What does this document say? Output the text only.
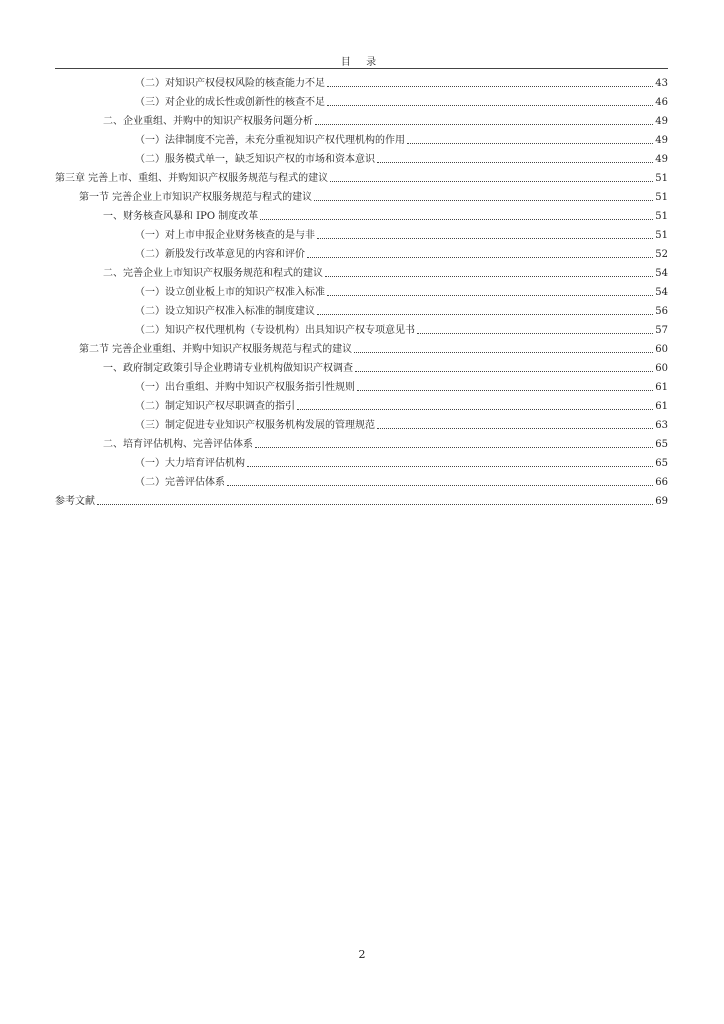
目 录
（二）对知识产权侵权风险的核查能力不足	43
（三）对企业的成长性或创新性的核查不足	46
二、企业重组、并购中的知识产权服务问题分析	49
（一）法律制度不完善，未充分重视知识产权代理机构的作用	49
（二）服务模式单一，缺乏知识产权的市场和资本意识	49
第三章 完善上市、重组、并购知识产权服务规范与程式的建议	51
第一节 完善企业上市知识产权服务规范与程式的建议	51
一、财务核查风暴和 IPO 制度改革	51
（一）对上市申报企业财务核查的是与非	51
（二）新股发行改革意见的内容和评价	52
二、完善企业上市知识产权服务规范和程式的建议	54
（一）设立创业板上市的知识产权准入标准	54
（二）设立知识产权准入标准的制度建议	56
（二）知识产权代理机构（专设机构）出具知识产权专项意见书	57
第二节 完善企业重组、并购中知识产权服务规范与程式的建议	60
一、政府制定政策引导企业聘请专业机构做知识产权调查	60
（一）出台重组、并购中知识产权服务指引性规则	61
（二）制定知识产权尽职调查的指引	61
（三）制定促进专业知识产权服务机构发展的管理规范	63
二、培育评估机构、完善评估体系	65
（一）大力培育评估机构	65
（二）完善评估体系	66
参考文献	69
2
